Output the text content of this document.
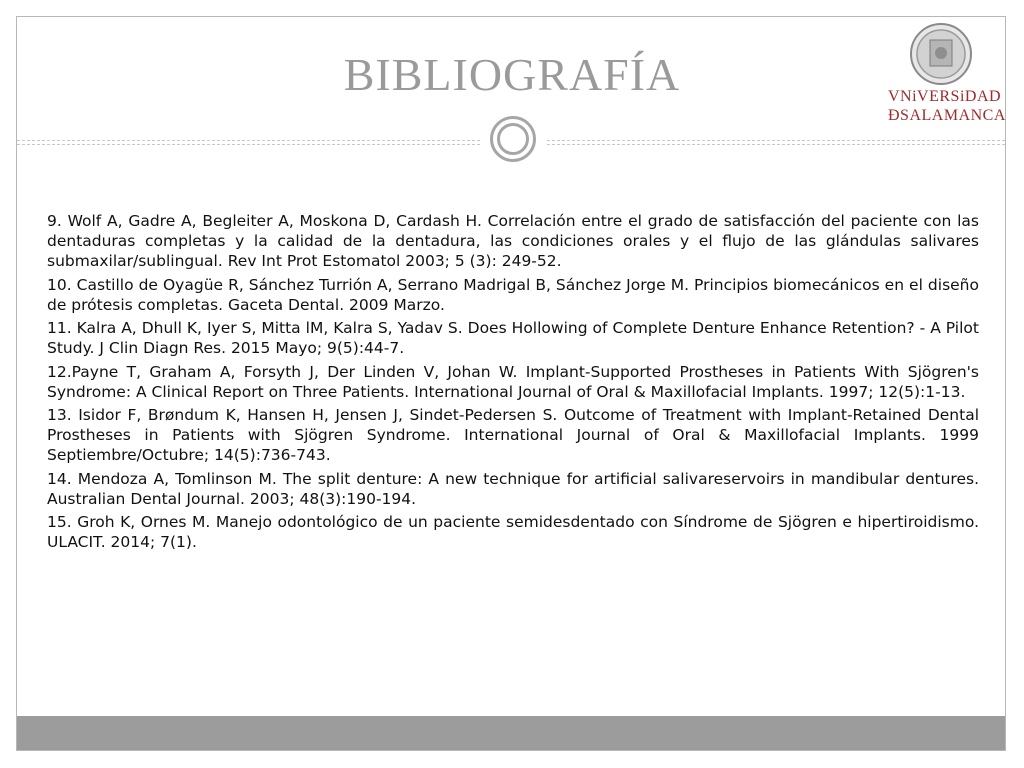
BIBLIOGRAFÍA	VNiVERSiDAD
ÐSALAMANCA

9. Wolf A, Gadre A, Begleiter A, Moskona D, Cardash H. Correlación entre el grado de satisfacción del paciente con las dentaduras completas y la calidad de la dentadura, las condiciones orales y el flujo de las glándulas salivares submaxilar/sublingual. Rev Int Prot Estomatol 2003; 5 (3): 249-52.

10. Castillo de Oyagüe R, Sánchez Turrión A, Serrano Madrigal B, Sánchez Jorge M. Principios biomecánicos en el diseño de prótesis completas. Gaceta Dental. 2009 Marzo.

11. Kalra A, Dhull K, Iyer S, Mitta lM, Kalra S, Yadav S. Does Hollowing of Complete Denture Enhance Retention? - A Pilot Study. J Clin Diagn Res. 2015 Mayo; 9(5):44-7.

12.Payne T, Graham A, Forsyth J, Der Linden V, Johan W. Implant-Supported Prostheses in Patients With Sjögren's Syndrome: A Clinical Report on Three Patients. International Journal of Oral & Maxillofacial Implants. 1997; 12(5):1-13.

13. Isidor F, Brøndum K, Hansen H, Jensen J, Sindet-Pedersen S. Outcome of Treatment with Implant-Retained Dental Prostheses in Patients with Sjögren Syndrome. International Journal of Oral & Maxillofacial Implants. 1999 Septiembre/Octubre; 14(5):736-743.

14. Mendoza A, Tomlinson M. The split denture: A new technique for artificial salivareservoirs in mandibular dentures. Australian Dental Journal. 2003; 48(3):190-194.

15. Groh K, Ornes M. Manejo odontológico de un paciente semidesdentado con Síndrome de Sjögren e hipertiroidismo. ULACIT. 2014; 7(1).
